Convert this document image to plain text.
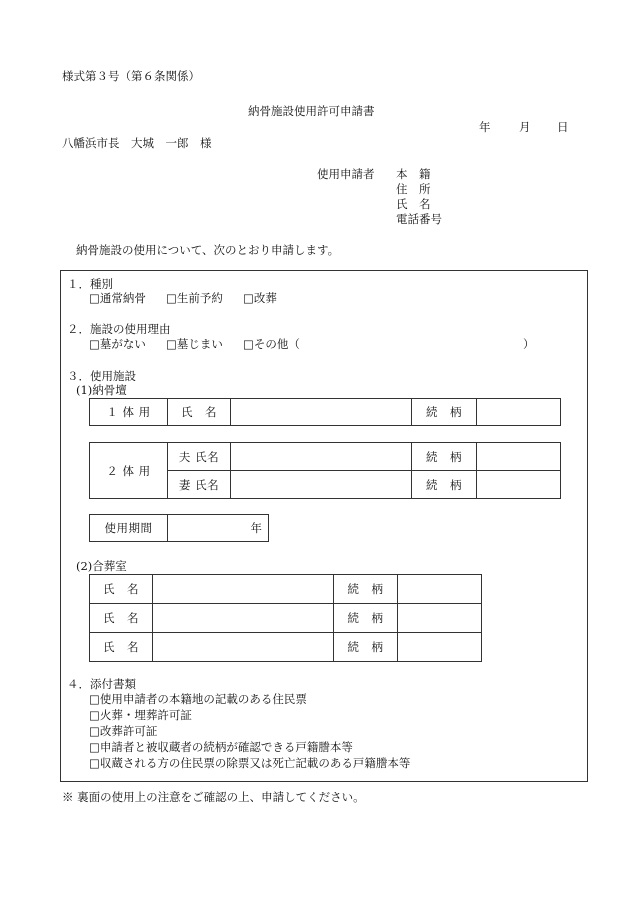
様式第３号（第６条関係）
納骨施設使用許可申請書
年 月 日
八幡浜市長　大城　一郎　様
使用申請者 本　籍
住　所
氏　名
電話番号
納骨施設の使用について、次のとおり申請します。
１．種別
□通常納骨 □生前予約 □改葬
２．施設の使用理由
□墓がない □墓じまい □その他（	）
３．使用施設
(1)納骨壇
１ 体 用	氏　名		続　柄	
２ 体 用	夫 氏名		続　柄	
	妻 氏名		続　柄	
使用期間	年
(2)合葬室
氏　名		続　柄	
氏　名		続　柄	
氏　名		続　柄	
４．添付書類
□使用申請者の本籍地の記載のある住民票
□火葬・埋葬許可証
□改葬許可証
□申請者と被収蔵者の続柄が確認できる戸籍謄本等
□収蔵される方の住民票の除票又は死亡記載のある戸籍謄本等
※ 裏面の使用上の注意をご確認の上、申請してください。
